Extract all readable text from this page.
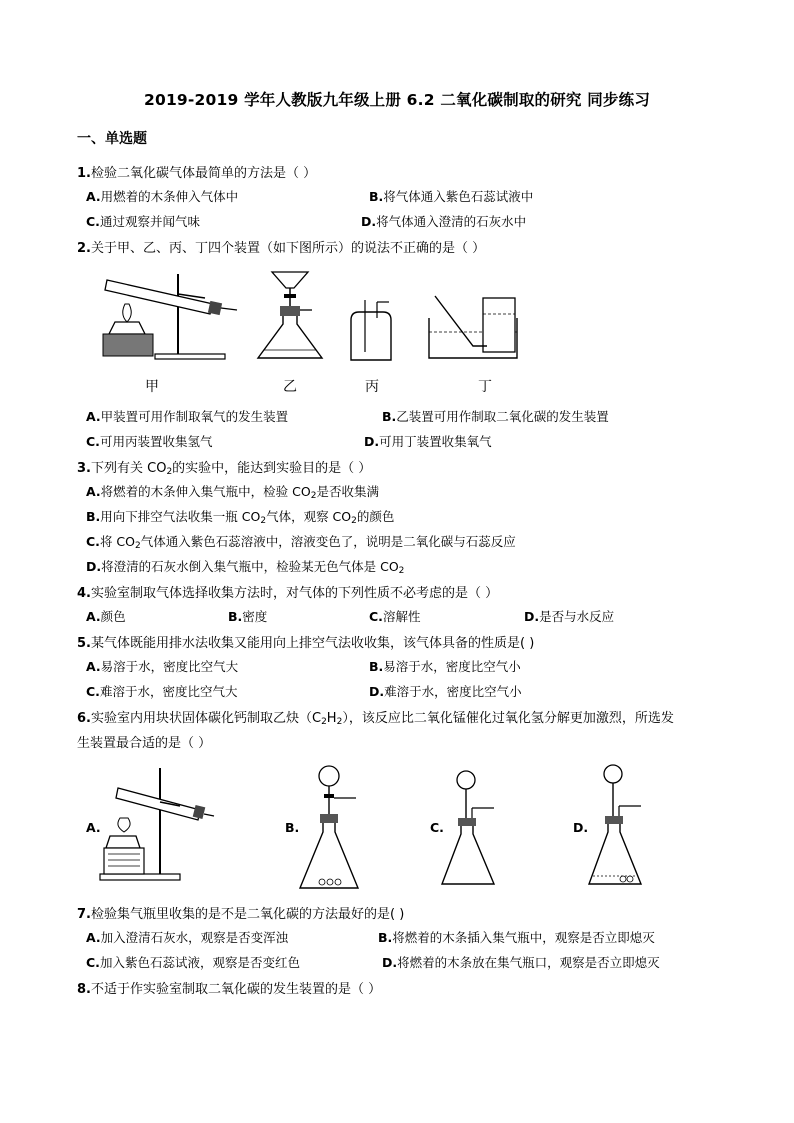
2019-2019 学年人教版九年级上册 6.2 二氧化碳制取的研究 同步练习
一、单选题
1.检验二氧化碳气体最简单的方法是（ ）
A.用燃着的木条伸入气体中	B.将气体通入紫色石蕊试液中
C.通过观察并闻气味	D.将气体通入澄清的石灰水中
2.关于甲、乙、丙、丁四个装置（如下图所示）的说法不正确的是（ ）
甲	乙	丙	丁
A.甲装置可用作制取氧气的发生装置	B.乙装置可用作制取二氧化碳的发生装置
C.可用丙装置收集氢气	D.可用丁装置收集氧气
3.下列有关 $CO_2$的实验中，能达到实验目的是（ ）
A.将燃着的木条伸入集气瓶中，检验 $CO_2$是否收集满
B.用向下排空气法收集一瓶 $CO_2$气体，观察 $CO_2$的颜色
C.将 $CO_2$气体通入紫色石蕊溶液中，溶液变色了，说明是二氧化碳与石蕊反应
D.将澄清的石灰水倒入集气瓶中，检验某无色气体是 $CO_2$
4.实验室制取气体选择收集方法时，对气体的下列性质不必考虑的是（ ）
A.颜色	B.密度	C.溶解性	D.是否与水反应
5.某气体既能用排水法收集又能用向上排空气法收收集，该气体具备的性质是( )
A.易溶于水，密度比空气大	B.易溶于水，密度比空气小
C.难溶于水，密度比空气大	D.难溶于水，密度比空气小
6.实验室内用块状固体碳化钙制取乙炔$(C_2H_2)$，该反应比二氧化锰催化过氧化氢分解更加激烈，所选发
生装置最合适的是（ ）
A.	B.	C.	D.
7.检验集气瓶里收集的是不是二氧化碳的方法最好的是( )
A.加入澄清石灰水，观察是否变浑浊	B.将燃着的木条插入集气瓶中，观察是否立即熄灭
C.加入紫色石蕊试液，观察是否变红色	D.将燃着的木条放在集气瓶口，观察是否立即熄灭
8.不适于作实验室制取二氧化碳的发生装置的是（ ）
